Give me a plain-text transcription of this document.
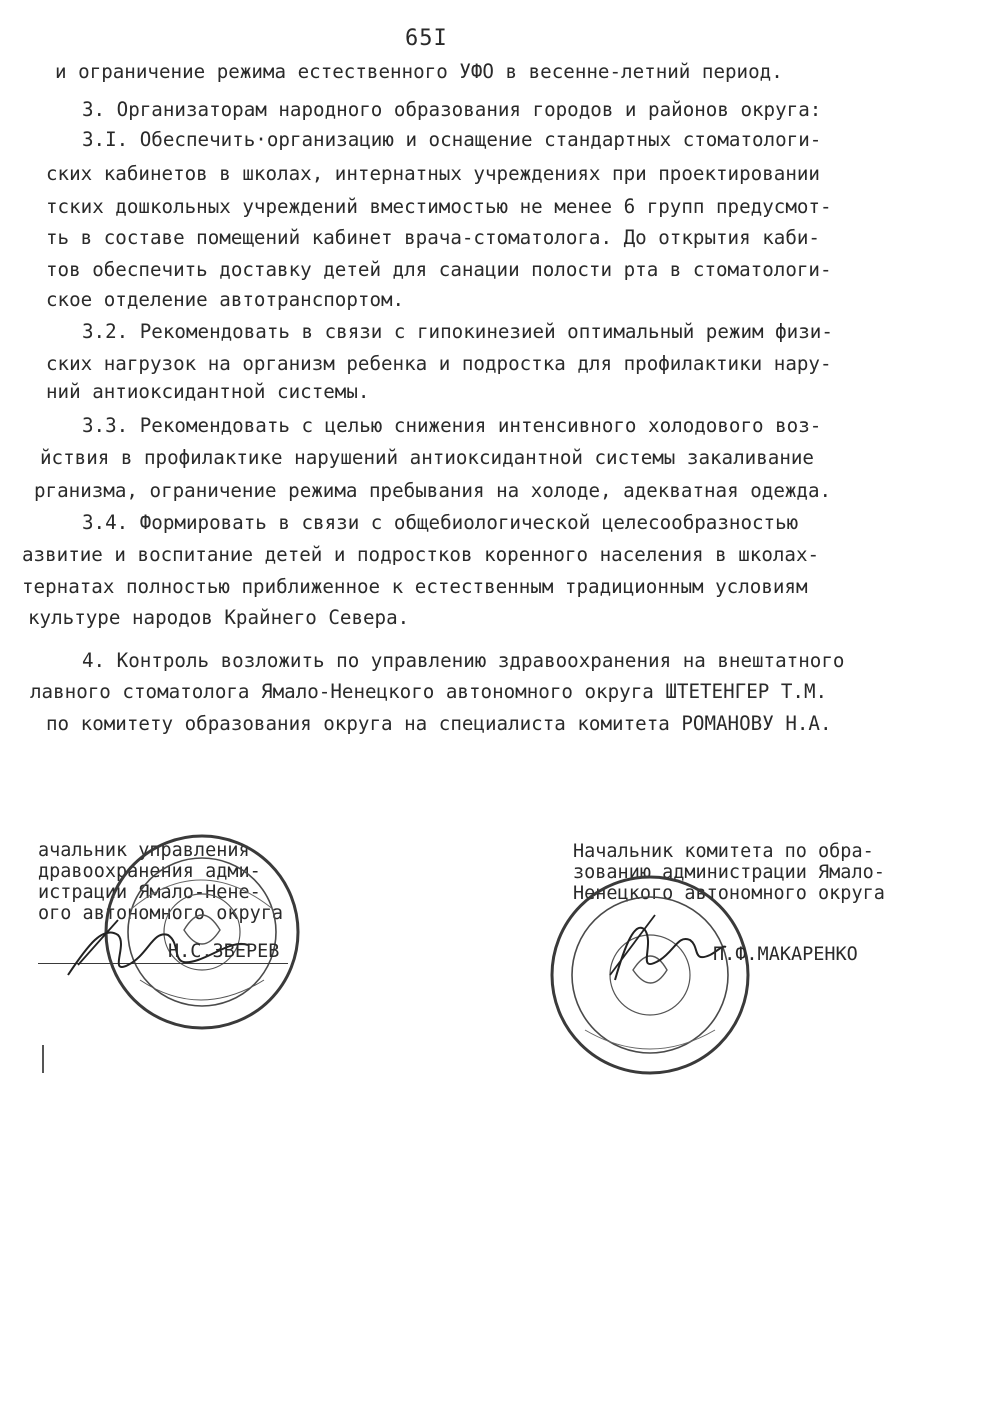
65I
и ограничение режима естественного УФО в весенне-летний период.
3. Организаторам народного образования городов и районов округа:
3.I. Обеспечить·организацию и оснащение стандартных стоматологи-
ских кабинетов в школах, интернатных учреждениях при проектировании
тских дошкольных учреждений вместимостью не менее 6 групп предусмот-
ть в составе помещений кабинет врача-стоматолога. До открытия каби-
тов обеспечить доставку детей для санации полости рта в стоматологи-
ское отделение автотранспортом.
3.2. Рекомендовать в связи с гипокинезией оптимальный режим физи-
ских нагрузок на организм ребенка и подростка для профилактики нару-
ний антиоксидантной системы.
3.3. Рекомендовать с целью снижения интенсивного холодового воз-
йствия в профилактике нарушений антиоксидантной системы закаливание
рганизма, ограничение режима пребывания на холоде, адекватная одежда.
3.4. Формировать в связи с общебиологической целесообразностью
азвитие и воспитание детей и подростков коренного населения в школах-
тернатах полностью приближенное к естественным традиционным условиям
культуре народов Крайнего Севера.
4. Контроль возложить по управлению здравоохранения на внештатного
лавного стоматолога Ямало-Ненецкого автономного округа ШТЕТЕНГЕР Т.М.
по комитету образования округа на специалиста комитета РОМАНОВУ Н.А.
ачальник управления
дравоохранения адми-
истрации Ямало-Нене-
ого автономного округа
Н.С.ЗВЕРЕВ
Начальник комитета по обра-
зованию администрации Ямало-
Ненецкого автономного округа
П.Ф.МАКАРЕНКО
